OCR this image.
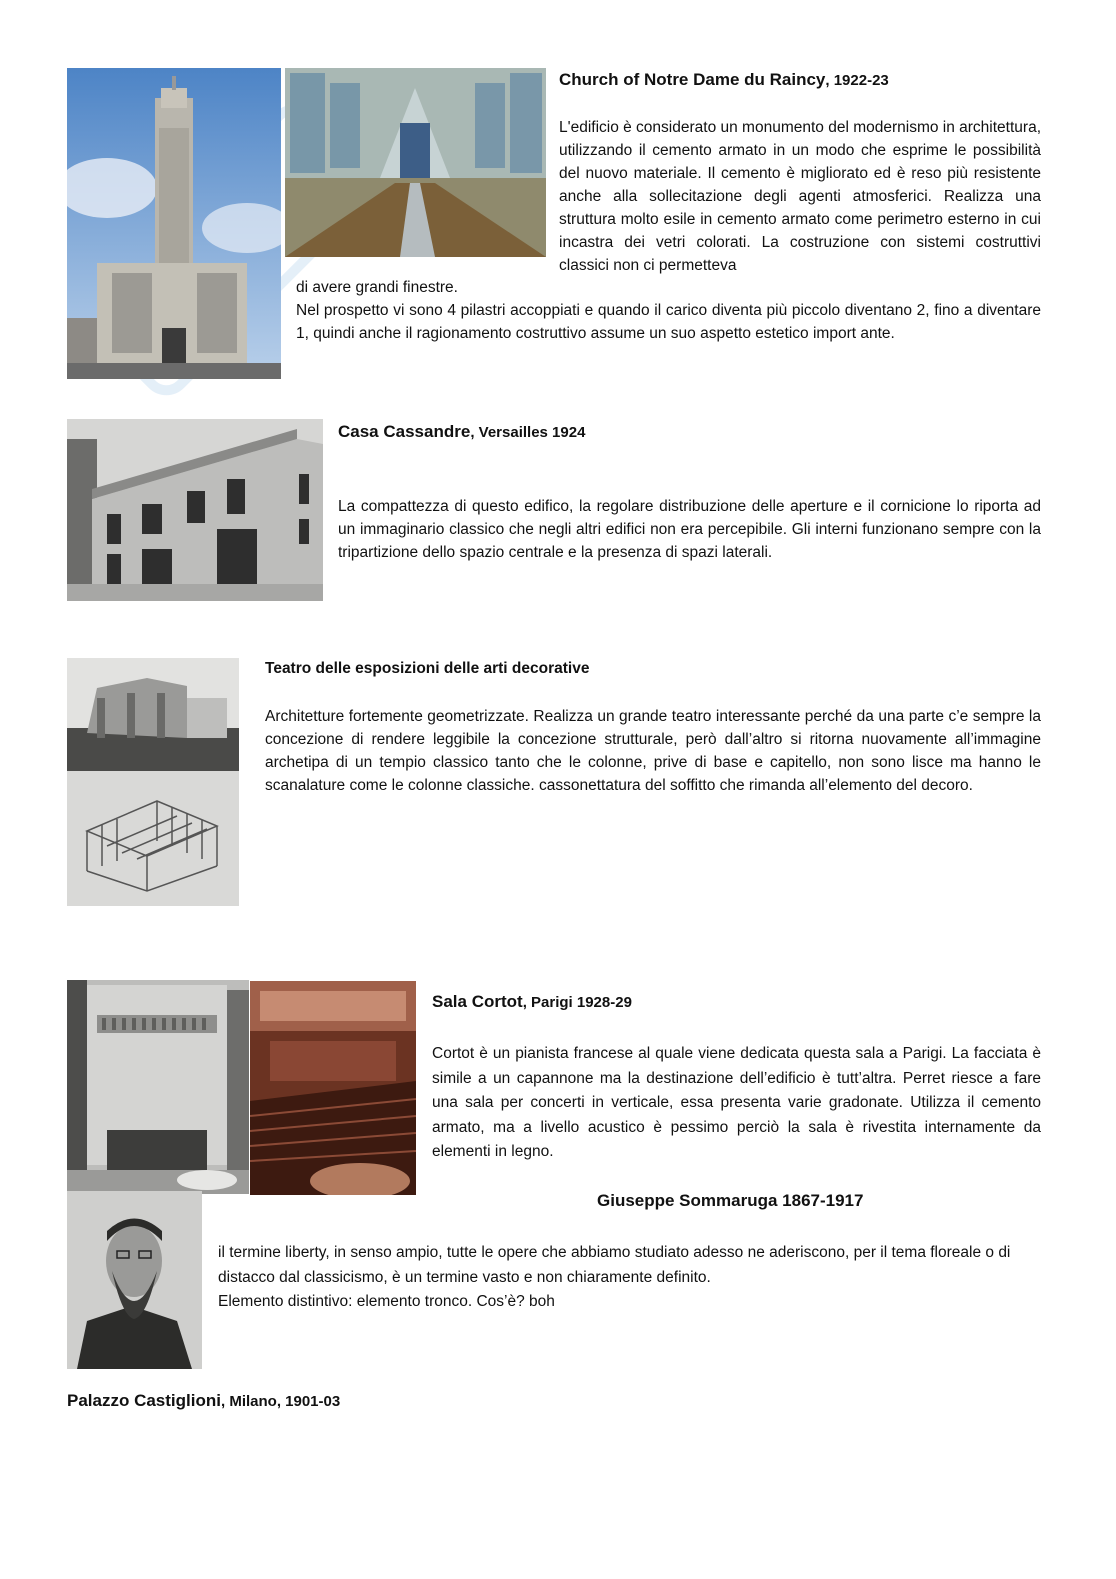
Church of Notre Dame du Raincy, 1922-23

L'edificio è considerato un monumento del modernismo in architettura, utilizzando il cemento armato in un modo che esprime le possibilità del nuovo materiale. Il cemento è migliorato ed è reso più resistente anche alla sollecitazione degli agenti atmosferici. Realizza una struttura molto esile in cemento armato come perimetro esterno in cui incastra dei vetri colorati. La costruzione con sistemi costruttivi classici non ci permetteva

di avere grandi finestre.

Nel prospetto vi sono 4 pilastri accoppiati e quando il carico diventa più piccolo diventano 2, fino a diventare 1, quindi anche il ragionamento costruttivo assume un suo aspetto estetico import ante.

Casa Cassandre, Versailles 1924

La compattezza di questo edifico, la regolare distribuzione delle aperture e il cornicione lo riporta ad un immaginario classico che negli altri edifici non era percepibile. Gli interni funzionano sempre con la tripartizione dello spazio centrale e la presenza di spazi laterali.

Teatro delle esposizioni delle arti decorative

Architetture fortemente geometrizzate. Realizza un grande teatro interessante perché da una parte c’e sempre la concezione di rendere leggibile la concezione strutturale, però dall’altro si ritorna nuovamente all’immagine archetipa di un tempio classico tanto che le colonne, prive di base e capitello, non sono lisce ma hanno le scanalature come le colonne classiche. cassonettatura del soffitto che rimanda all’elemento del decoro.

Sala Cortot, Parigi 1928-29

Cortot è un pianista francese al quale viene dedicata questa sala a Parigi. La facciata è simile a un capannone ma la destinazione dell’edificio è tutt’altra. Perret riesce a fare una sala per concerti in verticale, essa presenta varie gradonate. Utilizza il cemento armato, ma a livello acustico è pessimo perciò la sala è rivestita internamente da elementi in legno.

Giuseppe Sommaruga 1867-1917

il termine liberty, in senso ampio, tutte le opere che abbiamo studiato adesso ne aderiscono, per il tema floreale o di distacco dal classicismo, è un termine vasto e non chiaramente definito.

Elemento distintivo: elemento tronco. Cos’è? boh

Palazzo Castiglioni, Milano, 1901-03
